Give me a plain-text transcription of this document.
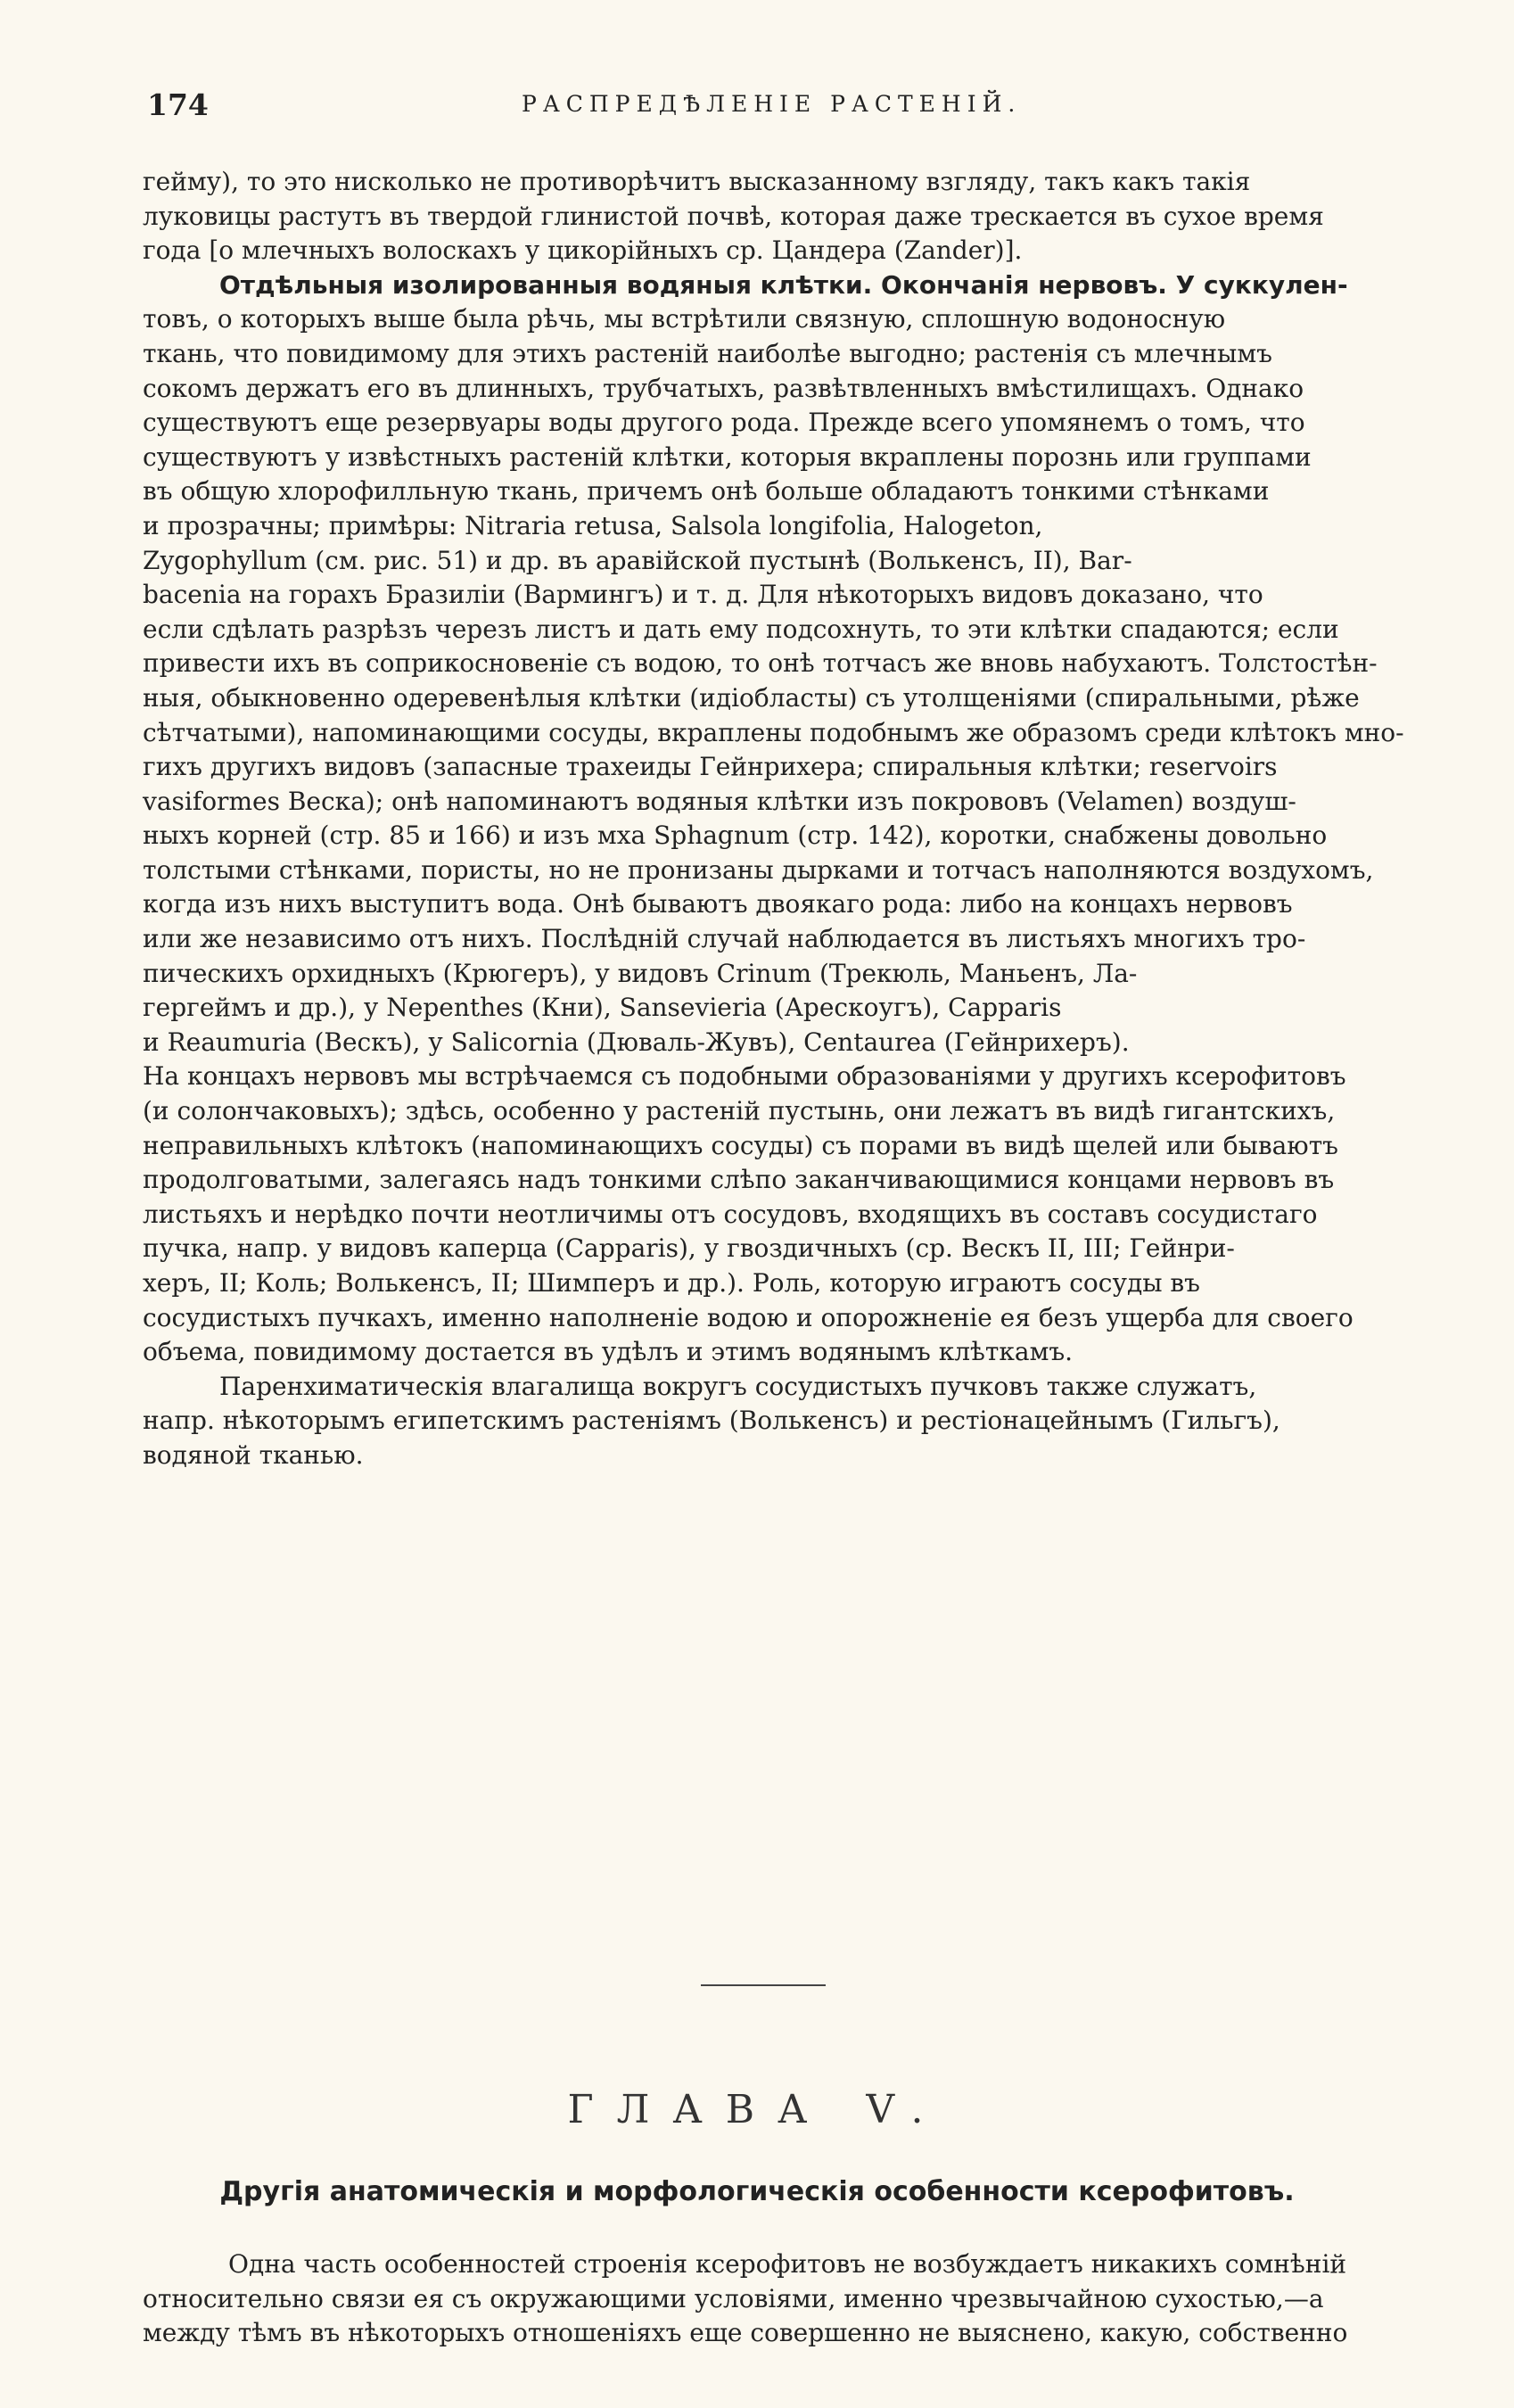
174	РАСПРЕДѢЛЕНІЕ РАСТЕНІЙ.
гейму), то это нисколько не противорѣчитъ высказанному взгляду, такъ какъ такія
луковицы растутъ въ твердой глинистой почвѣ, которая даже трескается въ сухое время
года [о млечныхъ волоскахъ у цикорійныхъ ср. Цандера (Zander)].
Отдѣльныя изолированныя водяныя клѣтки. Окончанія нервовъ. У суккулен-
товъ, о которыхъ выше была рѣчь, мы встрѣтили связную, сплошную водоносную
ткань, что повидимому для этихъ растеній наиболѣе выгодно; растенія съ млечнымъ
сокомъ держатъ его въ длинныхъ, трубчатыхъ, развѣтвленныхъ вмѣстилищахъ. Однако
существуютъ еще резервуары воды другого рода. Прежде всего упомянемъ о томъ, что
существуютъ у извѣстныхъ растеній клѣтки, которыя вкраплены порознь или группами
въ общую хлорофилльную ткань, причемъ онѣ больше обладаютъ тонкими стѣнками
и прозрачны; примѣры: Nitraria retusa, Salsola longifolia, Halogeton,
Zygophyllum (см. рис. 51) и др. въ аравійской пустынѣ (Волькенсъ, II), Bar-
bacenia на горахъ Бразиліи (Вармингъ) и т. д. Для нѣкоторыхъ видовъ доказано, что
если сдѣлать разрѣзъ черезъ листъ и дать ему подсохнуть, то эти клѣтки спадаются; если
привести ихъ въ соприкосновеніе съ водою, то онѣ тотчасъ же вновь набухаютъ. Толстостѣн-
ныя, обыкновенно одеревенѣлыя клѣтки (идіобласты) съ утолщеніями (спиральными, рѣже
сѣтчатыми), напоминающими сосуды, вкраплены подобнымъ же образомъ среди клѣтокъ мно-
гихъ другихъ видовъ (запасные трахеиды Гейнрихера; спиральныя клѣтки; reservoirs
vasiformes Веска); онѣ напоминаютъ водяныя клѣтки изъ покрововъ (Velamen) воздуш-
ныхъ корней (стр. 85 и 166) и изъ мха Sphagnum (стр. 142), коротки, снабжены довольно
толстыми стѣнками, пористы, но не пронизаны дырками и тотчасъ наполняются воздухомъ,
когда изъ нихъ выступитъ вода. Онѣ бываютъ двоякаго рода: либо на концахъ нервовъ
или же независимо отъ нихъ. Послѣдній случай наблюдается въ листьяхъ многихъ тро-
пическихъ орхидныхъ (Крюгеръ), у видовъ Crinum (Трекюль, Маньенъ, Ла-
гергеймъ и др.), у Nepenthes (Кни), Sansevieria (Арескоугъ), Capparis
и Reaumuria (Вескъ), у Salicornia (Дюваль-Жувъ), Centaurea (Гейнрихеръ).
На концахъ нервовъ мы встрѣчаемся съ подобными образованіями у другихъ ксерофитовъ
(и солончаковыхъ); здѣсь, особенно у растеній пустынь, они лежатъ въ видѣ гигантскихъ,
неправильныхъ клѣтокъ (напоминающихъ сосуды) съ порами въ видѣ щелей или бываютъ
продолговатыми, залегаясь надъ тонкими слѣпо заканчивающимися концами нервовъ въ
листьяхъ и нерѣдко почти неотличимы отъ сосудовъ, входящихъ въ составъ сосудистаго
пучка, напр. у видовъ каперца (Capparis), у гвоздичныхъ (ср. Вескъ II, III; Гейнри-
херъ, II; Коль; Волькенсъ, II; Шимперъ и др.). Роль, которую играютъ сосуды въ
сосудистыхъ пучкахъ, именно наполненіе водою и опорожненіе ея безъ ущерба для своего
объема, повидимому достается въ удѣлъ и этимъ водянымъ клѣткамъ.
Паренхиматическія влагалища вокругъ сосудистыхъ пучковъ также служатъ,
напр. нѣкоторымъ египетскимъ растеніямъ (Волькенсъ) и рестіонацейнымъ (Гильгъ),
водяной тканью.
ГЛАВА V.
Другія анатомическія и морфологическія особенности ксерофитовъ.
Одна часть особенностей строенія ксерофитовъ не возбуждаетъ никакихъ сомнѣній
относительно связи ея съ окружающими условіями, именно чрезвычайною сухостью,—а
между тѣмъ въ нѣкоторыхъ отношеніяхъ еще совершенно не выяснено, какую, собственно
